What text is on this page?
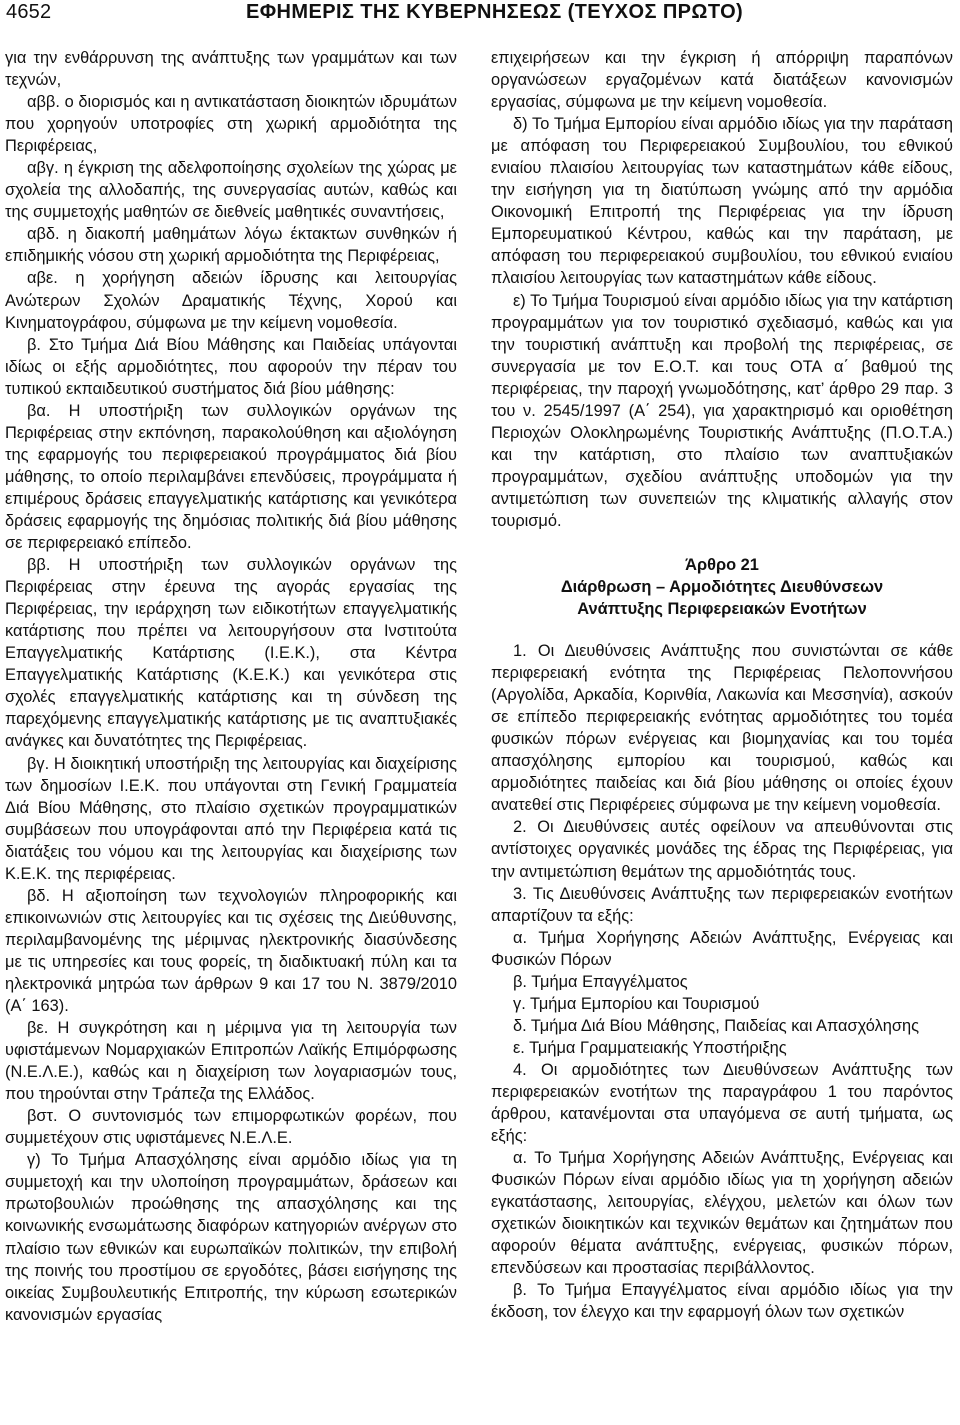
4652	ΕΦΗΜΕΡΙΣ ΤΗΣ ΚΥΒΕΡΝΗΣΕΩΣ (ΤΕΥΧΟΣ ΠΡΩΤΟ)

για την ενθάρρυνση της ανάπτυξης των γραμμάτων και των τεχνών,

αββ. ο διορισμός και η αντικατάσταση διοικητών ιδρυμάτων που χορηγούν υποτροφίες στη χωρική αρμοδιότητα της Περιφέρειας,

αβγ. η έγκριση της αδελφοποίησης σχολείων της χώρας με σχολεία της αλλοδαπής, της συνεργασίας αυτών, καθώς και της συμμετοχής μαθητών σε διεθνείς μαθητικές συναντήσεις,

αβδ. η διακοπή μαθημάτων λόγω έκτακτων συνθηκών ή επιδημικής νόσου στη χωρική αρμοδιότητα της Περιφέρειας,

αβε. η χορήγηση αδειών ίδρυσης και λειτουργίας Ανώτερων Σχολών Δραματικής Τέχνης, Χορού και Κινηματογράφου, σύμφωνα με την κείμενη νομοθεσία.

β. Στο Τμήμα Διά Βίου Μάθησης και Παιδείας υπάγονται ιδίως οι εξής αρμοδιότητες, που αφορούν την πέραν του τυπικού εκπαιδευτικού συστήματος διά βίου μάθησης:

βα. Η υποστήριξη των συλλογικών οργάνων της Περιφέρειας στην εκπόνηση, παρακολούθηση και αξιολόγηση της εφαρμογής του περιφερειακού προγράμματος διά βίου μάθησης, το οποίο περιλαμβάνει επενδύσεις, προγράμματα ή επιμέρους δράσεις επαγγελματικής κατάρτισης και γενικότερα δράσεις εφαρμογής της δημόσιας πολιτικής διά βίου μάθησης σε περιφερειακό επίπεδο.

ββ. Η υποστήριξη των συλλογικών οργάνων της Περιφέρειας στην έρευνα της αγοράς εργασίας της Περιφέρειας, την ιεράρχηση των ειδικοτήτων επαγγελματικής κατάρτισης που πρέπει να λειτουργήσουν στα Ινστιτούτα Επαγγελματικής Κατάρτισης (Ι.Ε.Κ.), στα Κέντρα Επαγγελματικής Κατάρτισης (Κ.Ε.Κ.) και γενικότερα στις σχολές επαγγελματικής κατάρτισης και τη σύνδεση της παρεχόμενης επαγγελματικής κατάρτισης με τις αναπτυξιακές ανάγκες και δυνατότητες της Περιφέρειας.

βγ. Η διοικητική υποστήριξη της λειτουργίας και διαχείρισης των δημοσίων Ι.Ε.Κ. που υπάγονται στη Γενική Γραμματεία Διά Βίου Μάθησης, στο πλαίσιο σχετικών προγραμματικών συμβάσεων που υπογράφονται από την Περιφέρεια κατά τις διατάξεις του νόμου και της λειτουργίας και διαχείρισης των Κ.Ε.Κ. της περιφέρειας.

βδ. Η αξιοποίηση των τεχνολογιών πληροφορικής και επικοινωνιών στις λειτουργίες και τις σχέσεις της Διεύθυνσης, περιλαμβανομένης της μέριμνας ηλεκτρονικής διασύνδεσης με τις υπηρεσίες και τους φορείς, τη διαδικτυακή πύλη και τα ηλεκτρονικά μητρώα των άρθρων 9 και 17 του Ν. 3879/2010 (Α΄ 163).

βε. Η συγκρότηση και η μέριμνα για τη λειτουργία των υφιστάμενων Νομαρχιακών Επιτροπών Λαϊκής Επιμόρφωσης (Ν.Ε.Λ.Ε.), καθώς και η διαχείριση των λογαριασμών τους, που τηρούνται στην Τράπεζα της Ελλάδος.

βστ. Ο συντονισμός των επιμορφωτικών φορέων, που συμμετέχουν στις υφιστάμενες Ν.Ε.Λ.Ε.

γ) Το Τμήμα Απασχόλησης είναι αρμόδιο ιδίως για τη συμμετοχή και την υλοποίηση προγραμμάτων, δράσεων και πρωτοβουλιών προώθησης της απασχόλησης και της κοινωνικής ενσωμάτωσης διαφόρων κατηγοριών ανέργων στο πλαίσιο των εθνικών και ευρωπαϊκών πολιτικών, την επιβολή της ποινής του προστίμου σε εργοδότες, βάσει εισήγησης της οικείας Συμβουλευτικής Επιτροπής, την κύρωση εσωτερικών κανονισμών εργασίας

επιχειρήσεων και την έγκριση ή απόρριψη παραπόνων οργανώσεων εργαζομένων κατά διατάξεων κανονισμών εργασίας, σύμφωνα με την κείμενη νομοθεσία.

δ) Το Τμήμα Εμπορίου είναι αρμόδιο ιδίως για την παράταση με απόφαση του Περιφερειακού Συμβουλίου, του εθνικού ενιαίου πλαισίου λειτουργίας των καταστημάτων κάθε είδους, την εισήγηση για τη διατύπωση γνώμης από την αρμόδια Οικονομική Επιτροπή της Περιφέρειας για την ίδρυση Εμπορευματικού Κέντρου, καθώς και την παράταση, με απόφαση του περιφερειακού συμβουλίου, του εθνικού ενιαίου πλαισίου λειτουργίας των καταστημάτων κάθε είδους.

ε) Το Τμήμα Τουρισμού είναι αρμόδιο ιδίως για την κατάρτιση προγραμμάτων για τον τουριστικό σχεδιασμό, καθώς και για την τουριστική ανάπτυξη και προβολή της περιφέρειας, σε συνεργασία με τον Ε.Ο.Τ. και τους ΟΤΑ α΄ βαθμού της περιφέρειας, την παροχή γνωμοδότησης, κατ’ άρθρο 29 παρ. 3 του ν. 2545/1997 (Α΄ 254), για χαρακτηρισμό και οριοθέτηση Περιοχών Ολοκληρωμένης Τουριστικής Ανάπτυξης (Π.Ο.Τ.Α.) και την κατάρτιση, στο πλαίσιο των αναπτυξιακών προγραμμάτων, σχεδίου ανάπτυξης υποδομών για την αντιμετώπιση των συνεπειών της κλιματικής αλλαγής στον τουρισμό.

Άρθρο 21
Διάρθρωση – Αρμοδιότητες Διευθύνσεων
Ανάπτυξης Περιφερειακών Ενοτήτων

1. Οι Διευθύνσεις Ανάπτυξης που συνιστώνται σε κάθε περιφερειακή ενότητα της Περιφέρειας Πελοποννήσου (Αργολίδα, Αρκαδία, Κορινθία, Λακωνία και Μεσσηνία), ασκούν σε επίπεδο περιφερειακής ενότητας αρμοδιότητες του τομέα φυσικών πόρων ενέργειας και βιομηχανίας και του τομέα απασχόλησης εμπορίου και τουρισμού, καθώς και αρμοδιότητες παιδείας και διά βίου μάθησης οι οποίες έχουν ανατεθεί στις Περιφέρειες σύμφωνα με την κείμενη νομοθεσία.

2. Οι Διευθύνσεις αυτές οφείλουν να απευθύνονται στις αντίστοιχες οργανικές μονάδες της έδρας της Περιφέρειας, για την αντιμετώπιση θεμάτων της αρμοδιότητάς τους.

3. Τις Διευθύνσεις Ανάπτυξης των περιφερειακών ενοτήτων απαρτίζουν τα εξής:

α. Τμήμα Χορήγησης Αδειών Ανάπτυξης, Ενέργειας και Φυσικών Πόρων

β. Τμήμα Επαγγέλματος

γ. Τμήμα Εμπορίου και Τουρισμού

δ. Τμήμα Διά Βίου Μάθησης, Παιδείας και Απασχόλησης

ε. Τμήμα Γραμματειακής Υποστήριξης

4. Οι αρμοδιότητες των Διευθύνσεων Ανάπτυξης των περιφερειακών ενοτήτων της παραγράφου 1 του παρόντος άρθρου, κατανέμονται στα υπαγόμενα σε αυτή τμήματα, ως εξής:

α. Το Τμήμα Χορήγησης Αδειών Ανάπτυξης, Ενέργειας και Φυσικών Πόρων είναι αρμόδιο ιδίως για τη χορήγηση αδειών εγκατάστασης, λειτουργίας, ελέγχου, μελετών και όλων των σχετικών διοικητικών και τεχνικών θεμάτων και ζητημάτων που αφορούν θέματα ανάπτυξης, ενέργειας, φυσικών πόρων, επενδύσεων και προστασίας περιβάλλοντος.

β. Το Τμήμα Επαγγέλματος είναι αρμόδιο ιδίως για την έκδοση, τον έλεγχο και την εφαρμογή όλων των σχετικών
